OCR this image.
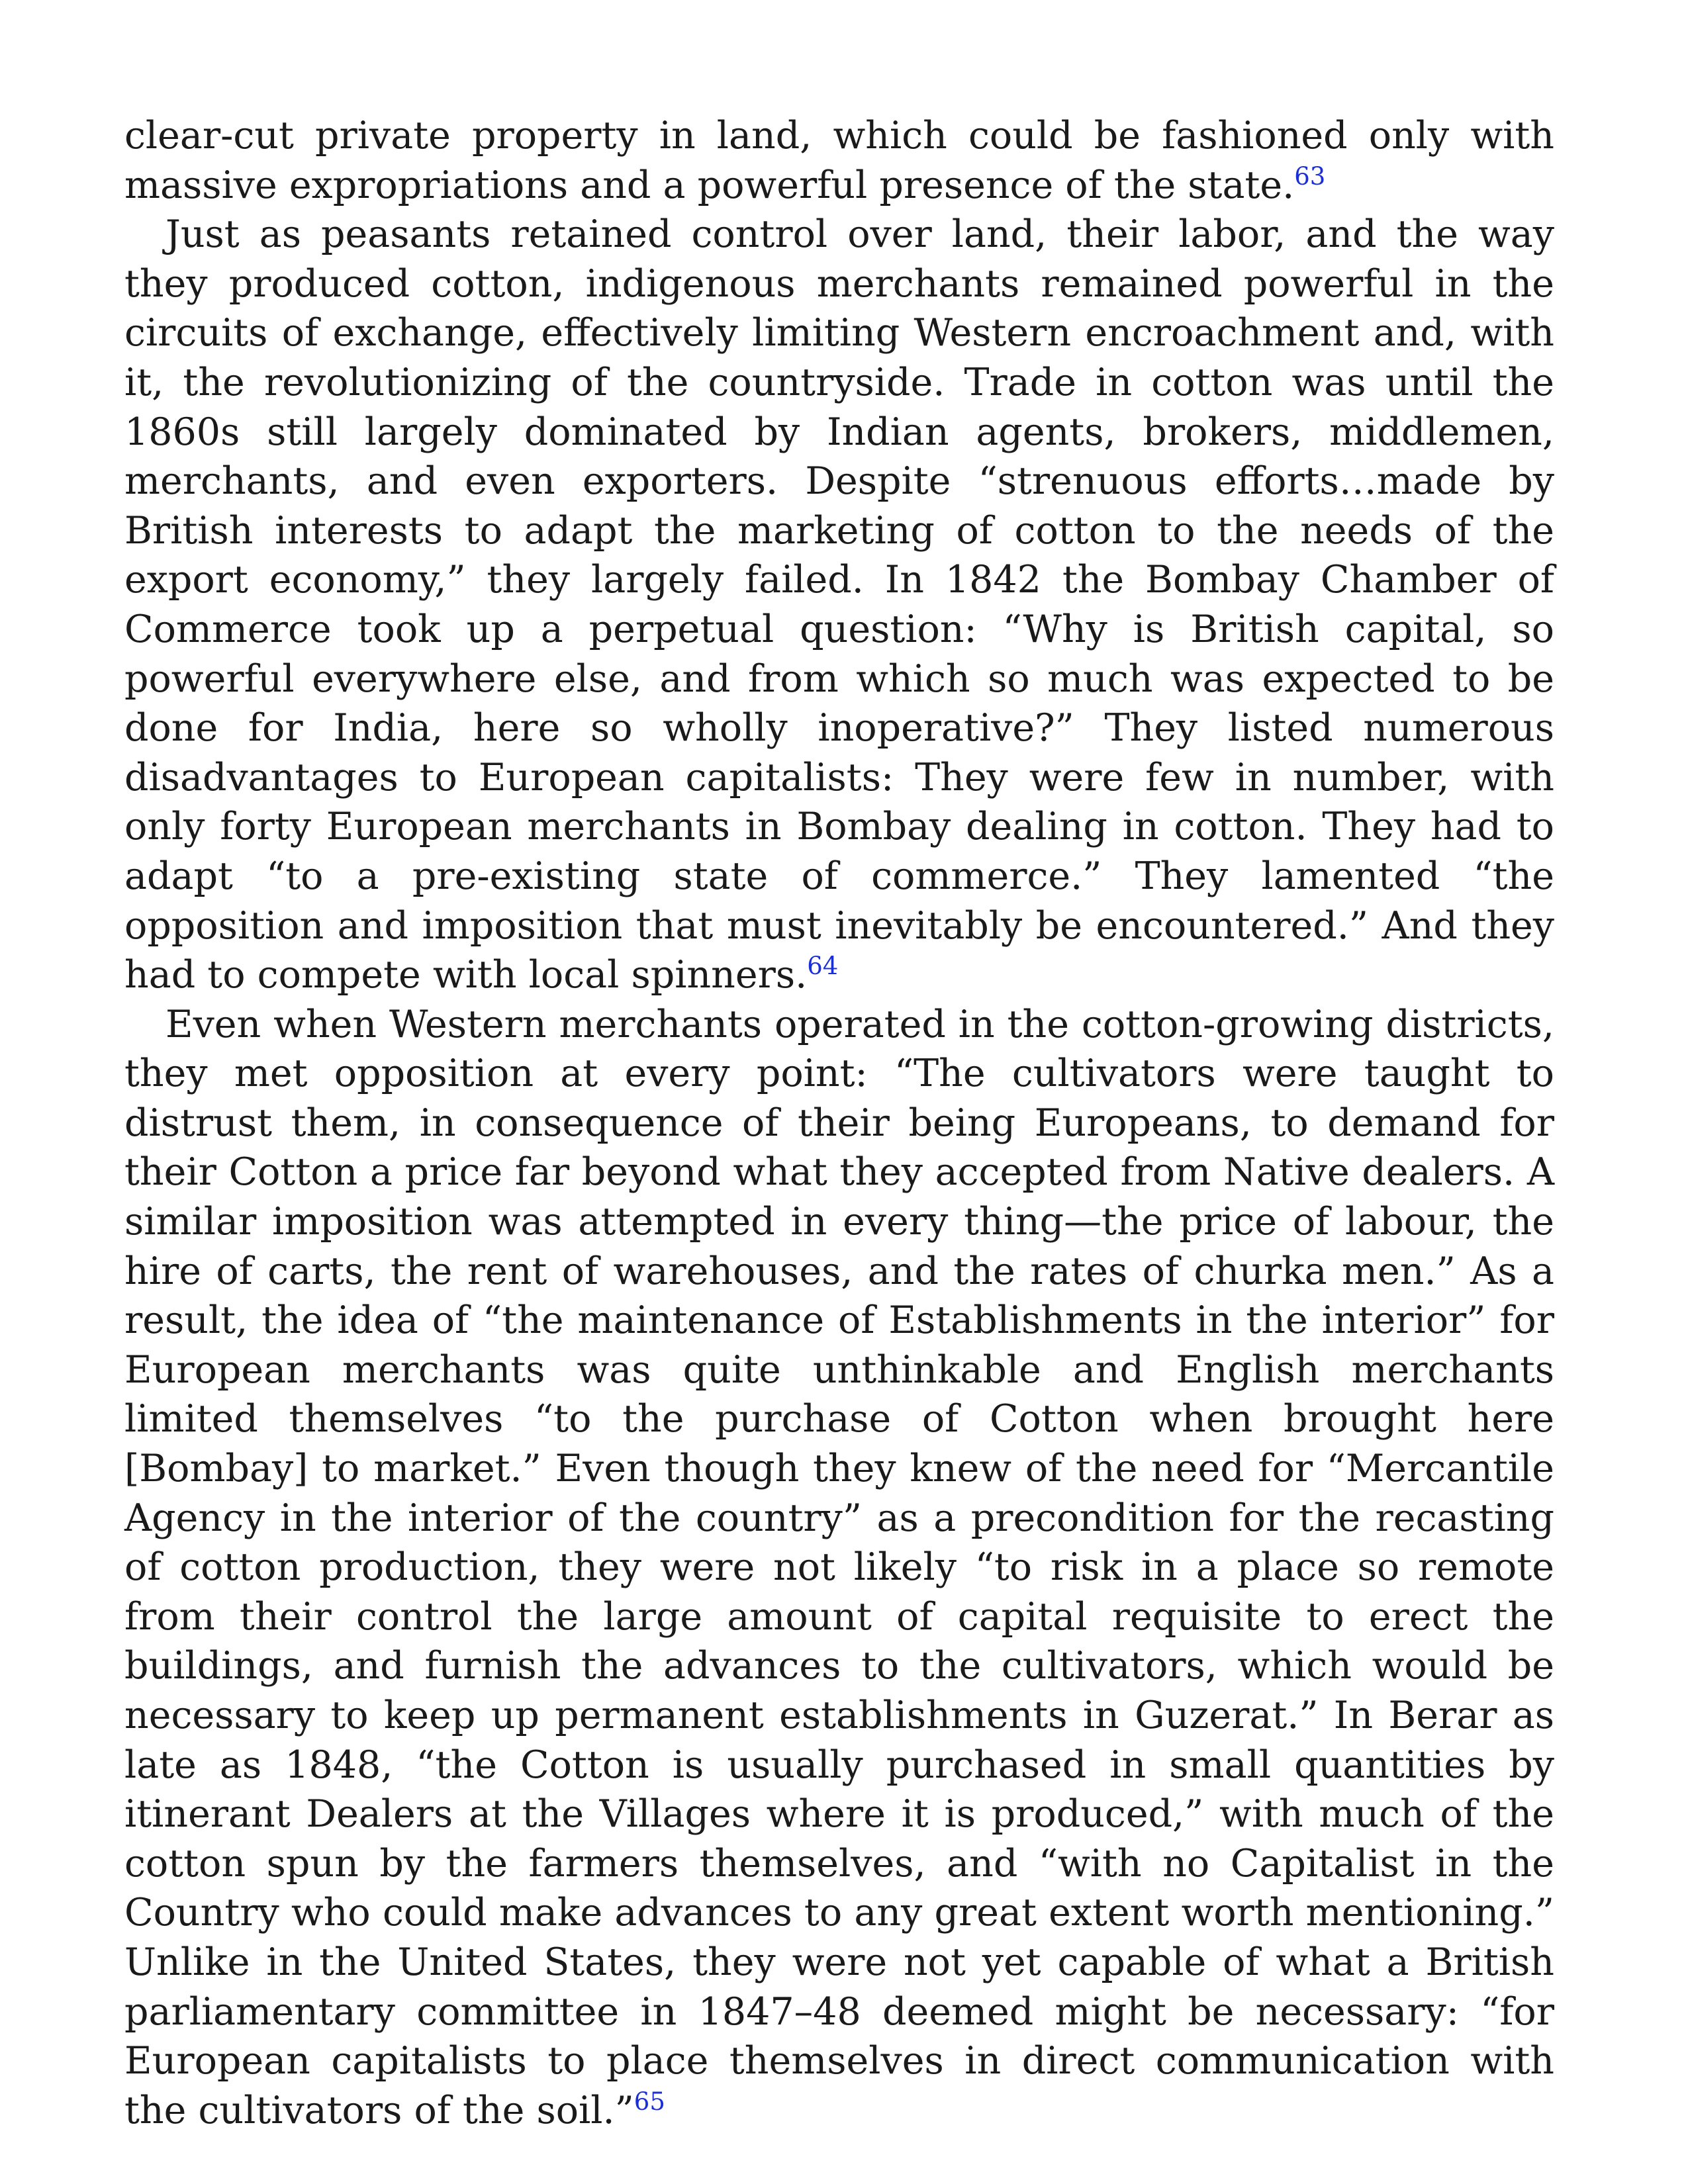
clear-cut private property in land, which could be fashioned only with massive expropriations and a powerful presence of the state.$^{63}$

Just as peasants retained control over land, their labor, and the way they produced cotton, indigenous merchants remained powerful in the circuits of exchange, effectively limiting Western encroachment and, with it, the revolutionizing of the countryside. Trade in cotton was until the 1860s still largely dominated by Indian agents, brokers, middlemen, merchants, and even exporters. Despite “strenuous efforts…made by British interests to adapt the marketing of cotton to the needs of the export economy,” they largely failed. In 1842 the Bombay Chamber of Commerce took up a perpetual question: “Why is British capital, so powerful everywhere else, and from which so much was expected to be done for India, here so wholly inoperative?” They listed numerous disadvantages to European capitalists: They were few in number, with only forty European merchants in Bombay dealing in cotton. They had to adapt “to a pre-existing state of commerce.” They lamented “the opposition and imposition that must inevitably be encountered.” And they had to compete with local spinners.$^{64}$

Even when Western merchants operated in the cotton-growing districts, they met opposition at every point: “The cultivators were taught to distrust them, in consequence of their being Europeans, to demand for their Cotton a price far beyond what they accepted from Native dealers. A similar imposition was attempted in every thing—the price of labour, the hire of carts, the rent of warehouses, and the rates of churka men.” As a result, the idea of “the maintenance of Establishments in the interior” for European merchants was quite unthinkable and English merchants limited themselves “to the purchase of Cotton when brought here [Bombay] to market.” Even though they knew of the need for “Mercantile Agency in the interior of the country” as a precondition for the recasting of cotton production, they were not likely “to risk in a place so remote from their control the large amount of capital requisite to erect the buildings, and furnish the advances to the cultivators, which would be necessary to keep up permanent establishments in Guzerat.” In Berar as late as 1848, “the Cotton is usually purchased in small quantities by itinerant Dealers at the Villages where it is produced,” with much of the cotton spun by the farmers themselves, and “with no Capitalist in the Country who could make advances to any great extent worth mentioning.” Unlike in the United States, they were not yet capable of what a British parliamentary committee in 1847–48 deemed might be necessary: “for European capitalists to place themselves in direct communication with the cultivators of the soil.”$^{65}$
